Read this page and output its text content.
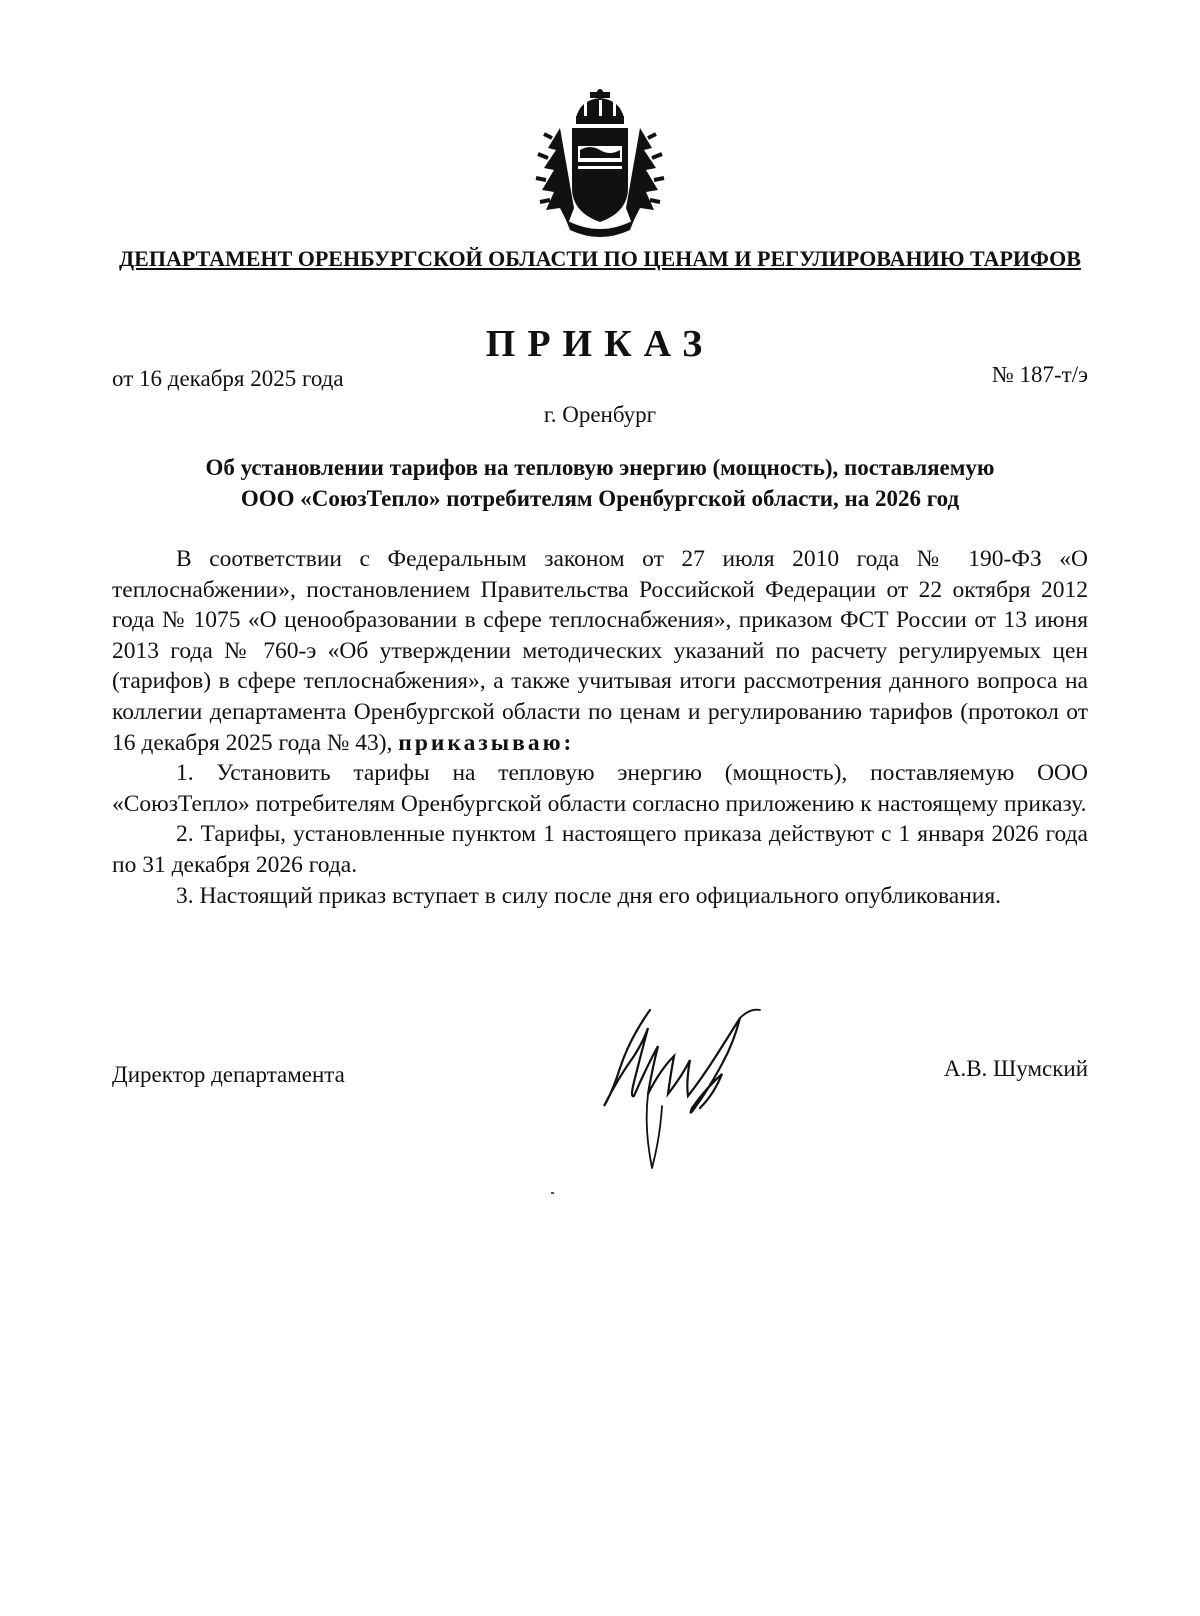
ДЕПАРТАМЕНТ ОРЕНБУРГСКОЙ ОБЛАСТИ ПО ЦЕНАМ И РЕГУЛИРОВАНИЮ ТАРИФОВ
ПРИКАЗ
от 16 декабря 2025 года	№ 187-т/э
г. Оренбург
Об установлении тарифов на тепловую энергию (мощность), поставляемую
ООО «СоюзТепло» потребителям Оренбургской области, на 2026 год

В соответствии с Федеральным законом от 27 июля 2010 года № 190-ФЗ «О теплоснабжении», постановлением Правительства Российской Федерации от 22 октября 2012 года № 1075 «О ценообразовании в сфере теплоснабжения», приказом ФСТ России от 13 июня 2013 года № 760-э «Об утверждении методических указаний по расчету регулируемых цен (тарифов) в сфере теплоснабжения», а также учитывая итоги рассмотрения данного вопроса на коллегии департамента Оренбургской области по ценам и регулированию тарифов (протокол от 16 декабря 2025 года № 43), приказываю:

1. Установить тарифы на тепловую энергию (мощность), поставляемую ООО «СоюзТепло» потребителям Оренбургской области согласно приложению к настоящему приказу.

2. Тарифы, установленные пунктом 1 настоящего приказа действуют с 1 января 2026 года по 31 декабря 2026 года.

3. Настоящий приказ вступает в силу после дня его официального опубликования.

Директор департамента	А.В. Шумский
